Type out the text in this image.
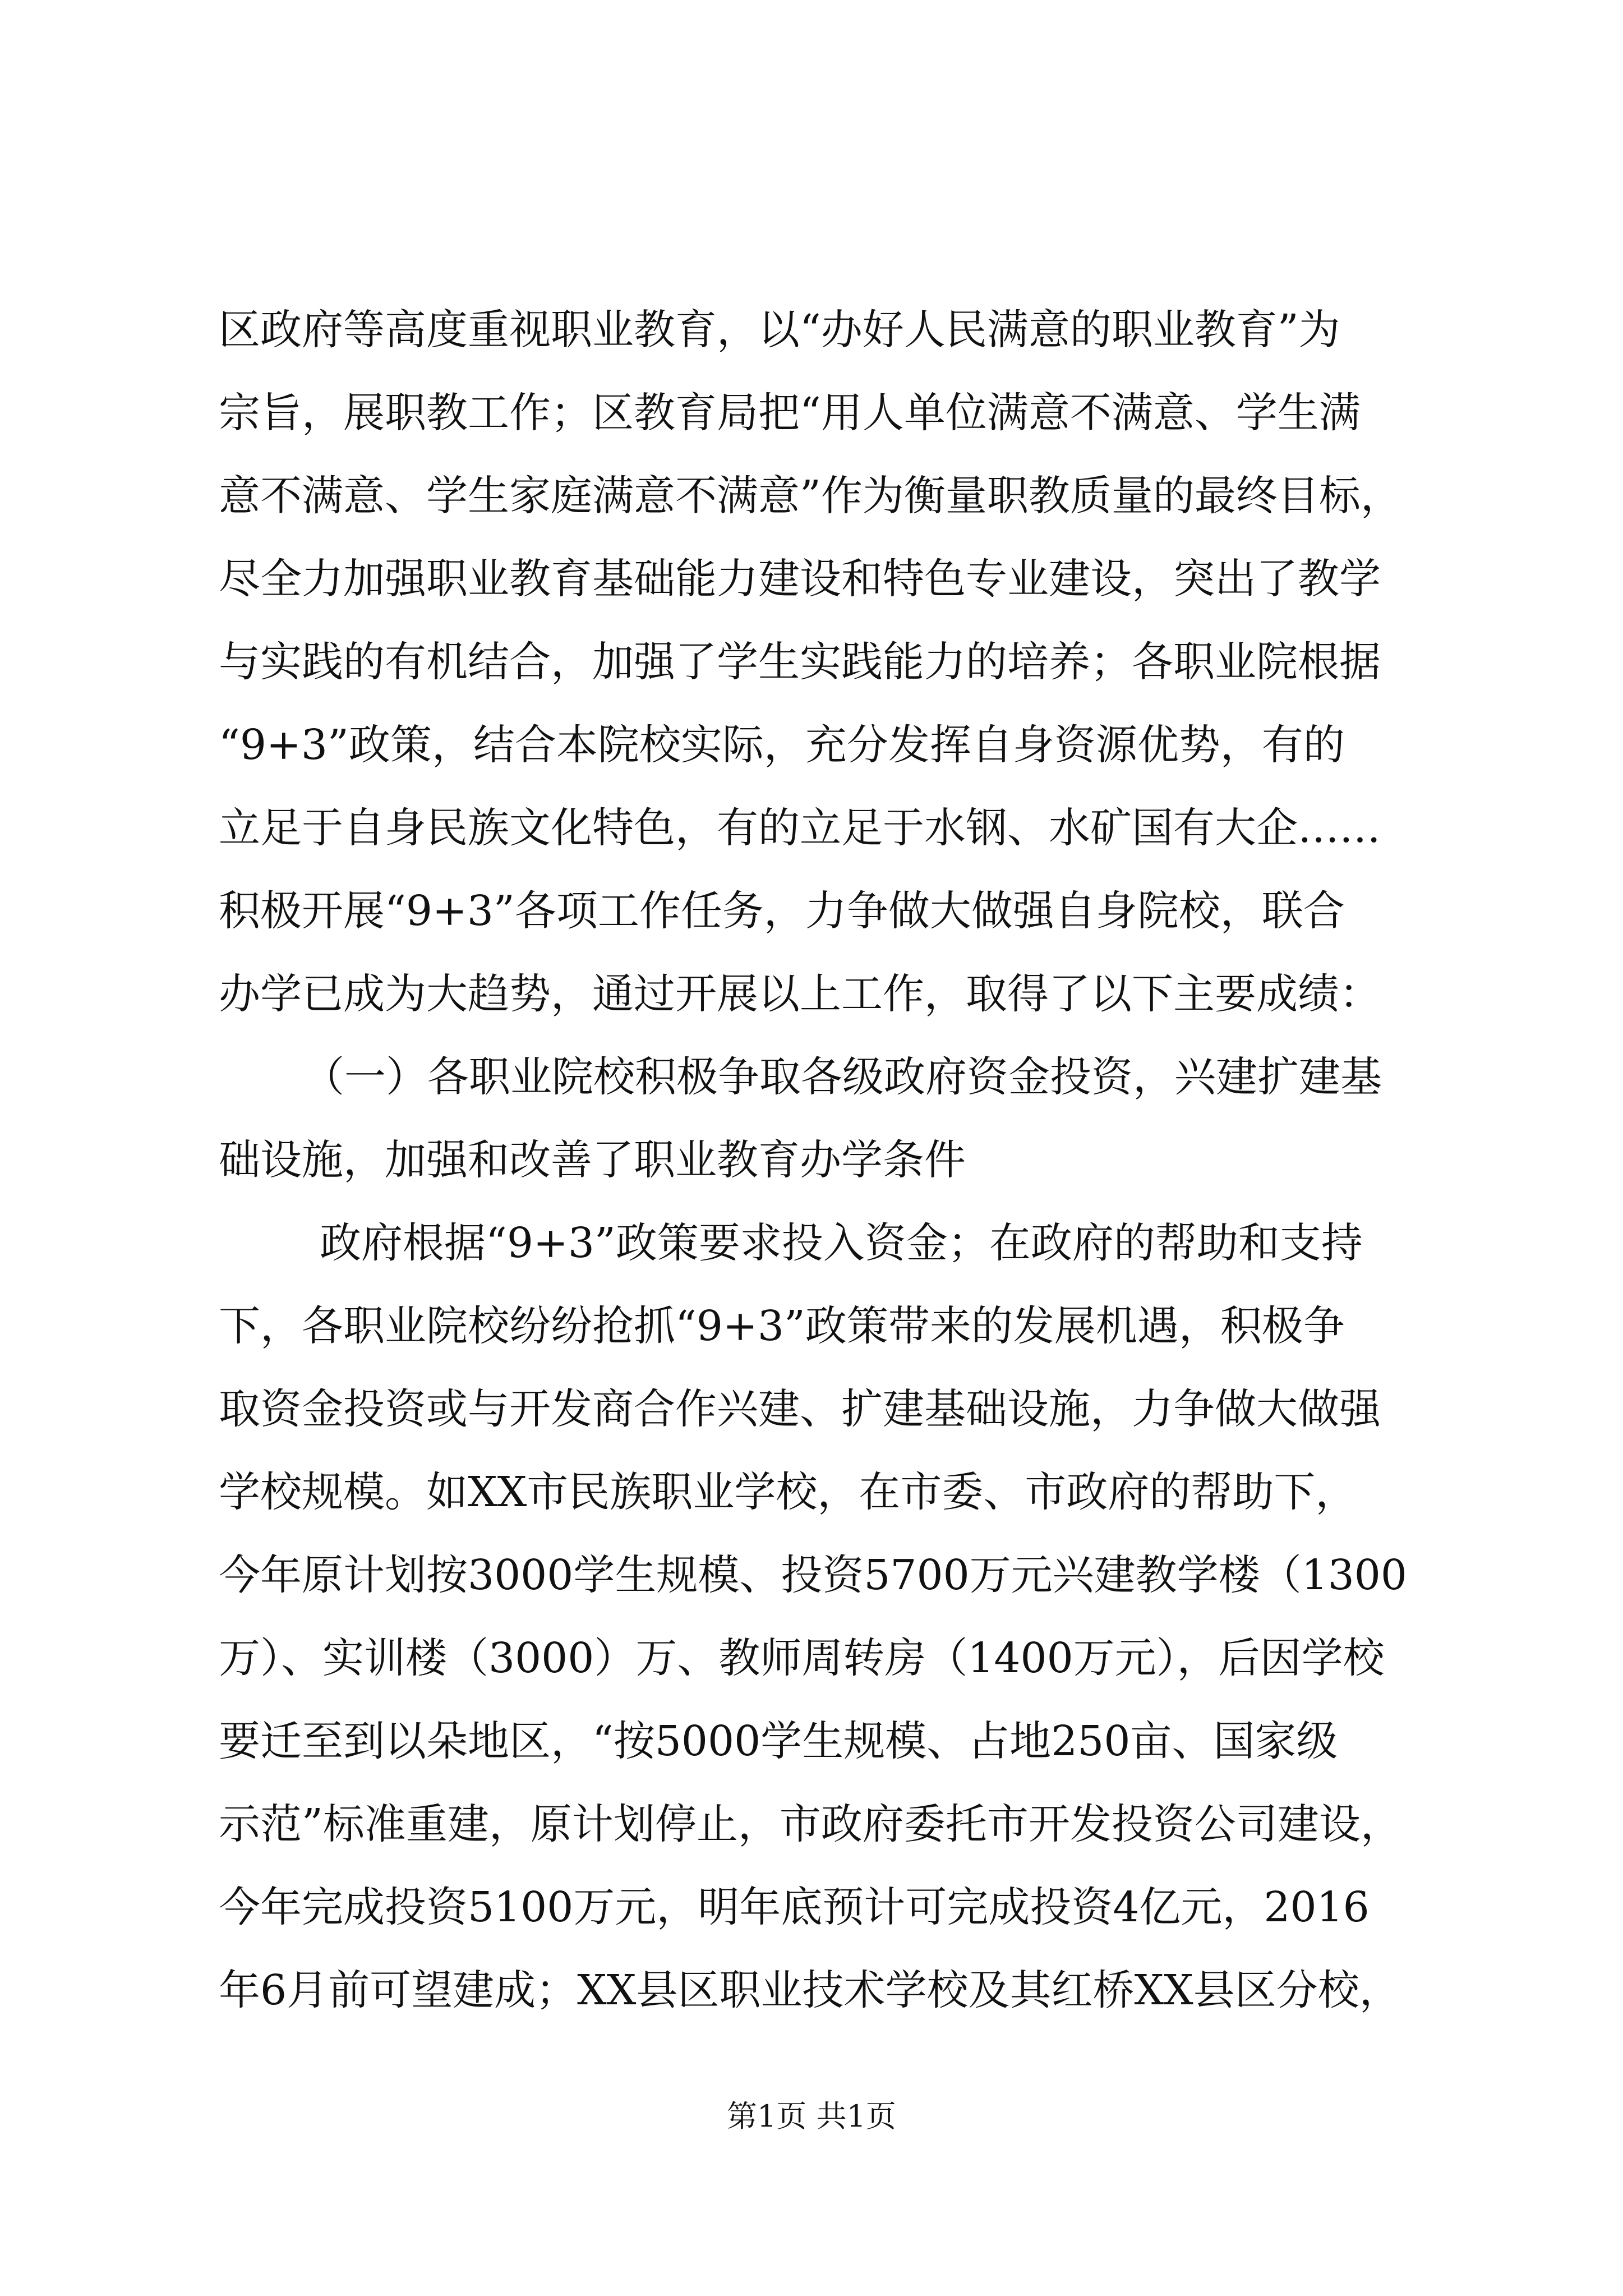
区政府等高度重视职业教育，以“办好人民满意的职业教育”为
宗旨，展职教工作；区教育局把“用人单位满意不满意、学生满
意不满意、学生家庭满意不满意”作为衡量职教质量的最终目标，
尽全力加强职业教育基础能力建设和特色专业建设，突出了教学
与实践的有机结合，加强了学生实践能力的培养；各职业院根据
“9+3”政策，结合本院校实际，充分发挥自身资源优势，有的
立足于自身民族文化特色，有的立足于水钢、水矿国有大企……
积极开展“9+3”各项工作任务，力争做大做强自身院校，联合
办学已成为大趋势，通过开展以上工作，取得了以下主要成绩：
（一）各职业院校积极争取各级政府资金投资，兴建扩建基
础设施，加强和改善了职业教育办学条件
政府根据“9+3”政策要求投入资金；在政府的帮助和支持
下，各职业院校纷纷抢抓“9+3”政策带来的发展机遇，积极争
取资金投资或与开发商合作兴建、扩建基础设施，力争做大做强
学校规模。如XX市民族职业学校，在市委、市政府的帮助下，
今年原计划按3000学生规模、投资5700万元兴建教学楼（1300
万）、实训楼（3000）万、教师周转房（1400万元），后因学校
要迁至到以朵地区，“按5000学生规模、占地250亩、国家级
示范”标准重建，原计划停止，市政府委托市开发投资公司建设，
今年完成投资5100万元，明年底预计可完成投资4亿元，2016
年6月前可望建成；XX县区职业技术学校及其红桥XX县区分校，
第1页 共1页
